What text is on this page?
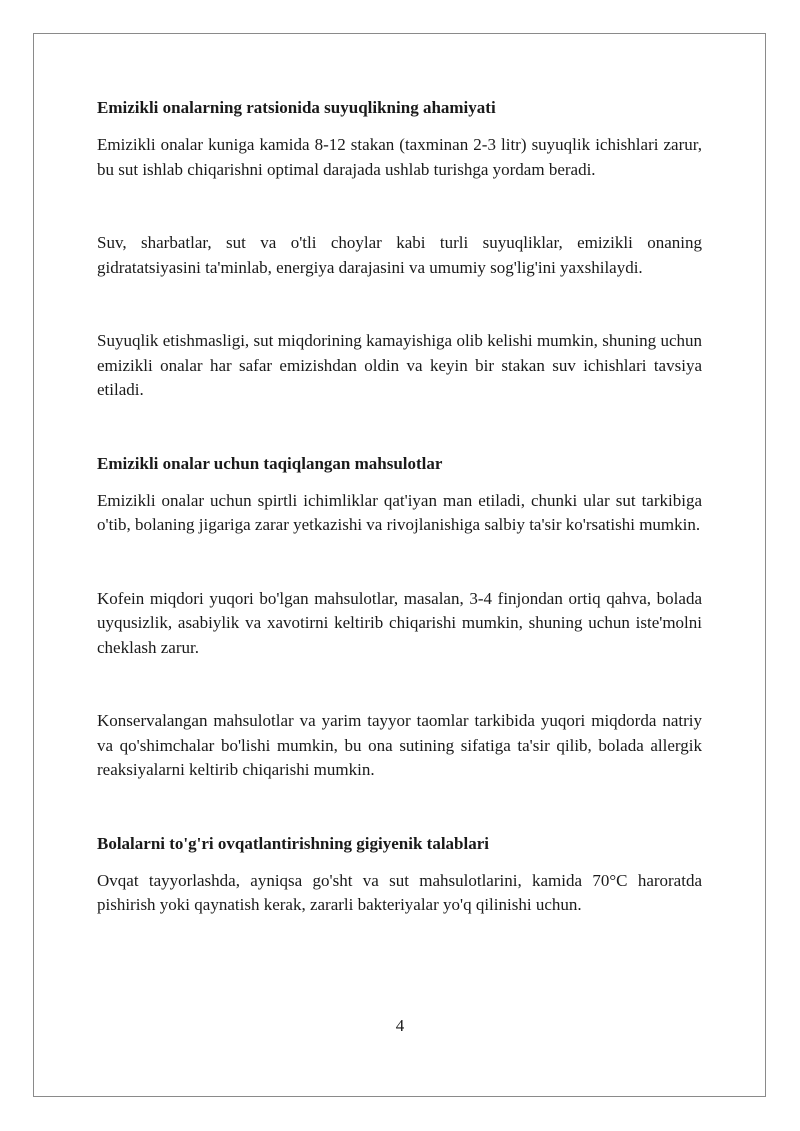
Emizikli onalarning ratsionida suyuqlikning ahamiyati

Emizikli onalar kuniga kamida 8-12 stakan (taxminan 2-3 litr) suyuqlik ichishlari zarur, bu sut ishlab chiqarishni optimal darajada ushlab turishga yordam beradi.

Suv, sharbatlar, sut va o'tli choylar kabi turli suyuqliklar, emizikli onaning gidratatsiyasini ta'minlab, energiya darajasini va umumiy sog'lig'ini yaxshilaydi.

Suyuqlik etishmasligi, sut miqdorining kamayishiga olib kelishi mumkin, shuning uchun emizikli onalar har safar emizishdan oldin va keyin bir stakan suv ichishlari tavsiya etiladi.

Emizikli onalar uchun taqiqlangan mahsulotlar

Emizikli onalar uchun spirtli ichimliklar qat'iyan man etiladi, chunki ular sut tarkibiga o'tib, bolaning jigariga zarar yetkazishi va rivojlanishiga salbiy ta'sir ko'rsatishi mumkin.

Kofein miqdori yuqori bo'lgan mahsulotlar, masalan, 3-4 finjondan ortiq qahva, bolada uyqusizlik, asabiylik va xavotirni keltirib chiqarishi mumkin, shuning uchun iste'molni cheklash zarur.

Konservalangan mahsulotlar va yarim tayyor taomlar tarkibida yuqori miqdorda natriy va qo'shimchalar bo'lishi mumkin, bu ona sutining sifatiga ta'sir qilib, bolada allergik reaksiyalarni keltirib chiqarishi mumkin.

Bolalarni to'g'ri ovqatlantirishning gigiyenik talablari

Ovqat tayyorlashda, ayniqsa go'sht va sut mahsulotlarini, kamida 70°C haroratda pishirish yoki qaynatish kerak, zararli bakteriyalar yo'q qilinishi uchun.

4
